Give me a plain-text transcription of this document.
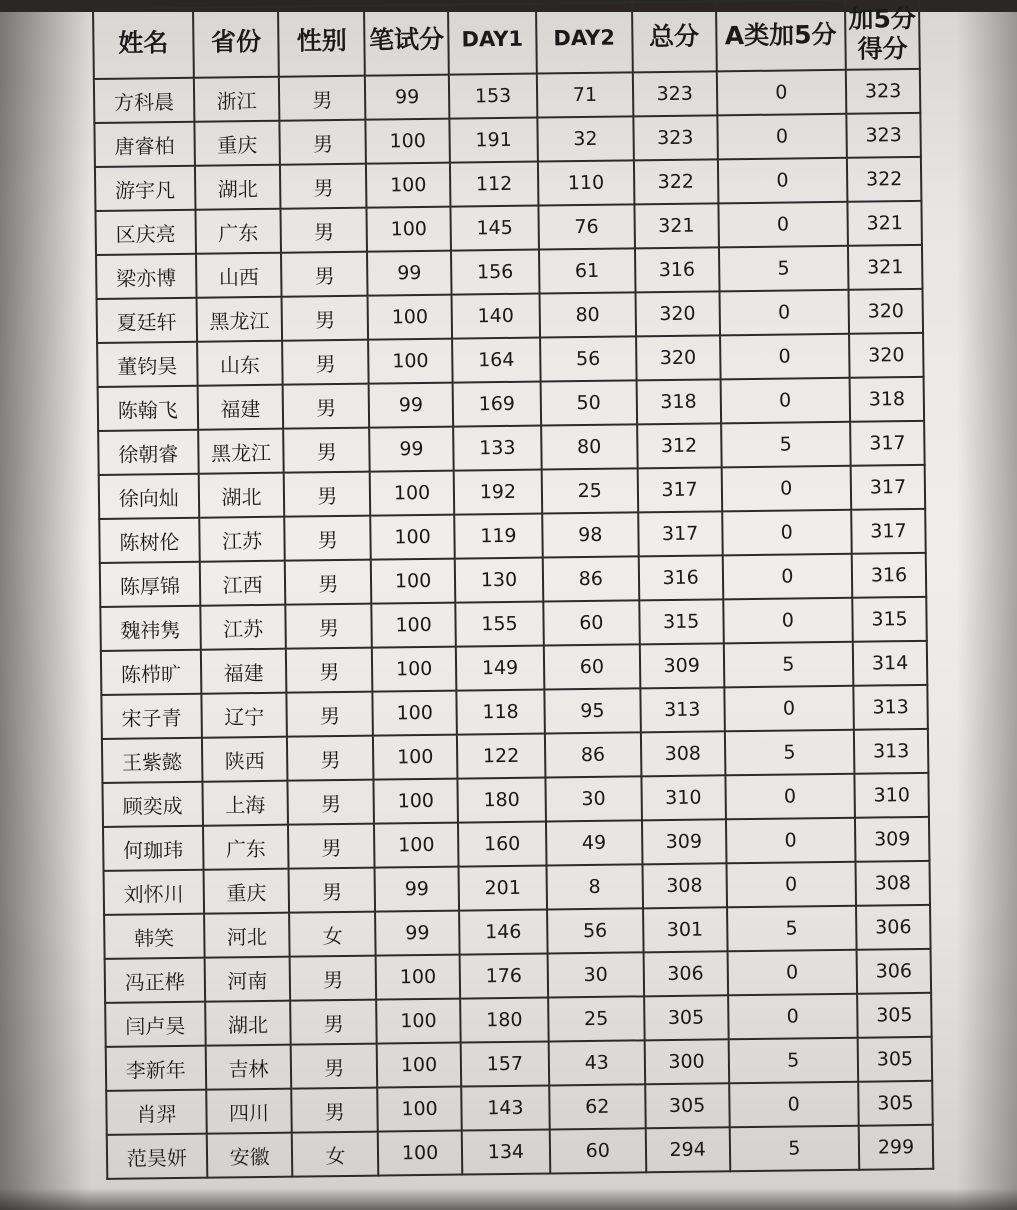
姓名	省份	性别	笔试分	DAY1	DAY2	总分	A类加5分	加5分得分
方科晨	浙江	男	99	153	71	323	0	323
唐睿柏	重庆	男	100	191	32	323	0	323
游宇凡	湖北	男	100	112	110	322	0	322
区庆亮	广东	男	100	145	76	321	0	321
梁亦博	山西	男	99	156	61	316	5	321
夏廷轩	黑龙江	男	100	140	80	320	0	320
董钧昊	山东	男	100	164	56	320	0	320
陈翰飞	福建	男	99	169	50	318	0	318
徐朝睿	黑龙江	男	99	133	80	312	5	317
徐向灿	湖北	男	100	192	25	317	0	317
陈树伦	江苏	男	100	119	98	317	0	317
陈厚锦	江西	男	100	130	86	316	0	316
魏祎隽	江苏	男	100	155	60	315	0	315
陈栉旷	福建	男	100	149	60	309	5	314
宋子青	辽宁	男	100	118	95	313	0	313
王紫懿	陕西	男	100	122	86	308	5	313
顾奕成	上海	男	100	180	30	310	0	310
何珈玮	广东	男	100	160	49	309	0	309
刘怀川	重庆	男	99	201	8	308	0	308
韩笑	河北	女	99	146	56	301	5	306
冯正桦	河南	男	100	176	30	306	0	306
闫卢昊	湖北	男	100	180	25	305	0	305
李新年	吉林	男	100	157	43	300	5	305
肖羿	四川	男	100	143	62	305	0	305
范昊妍	安徽	女	100	134	60	294	5	299
